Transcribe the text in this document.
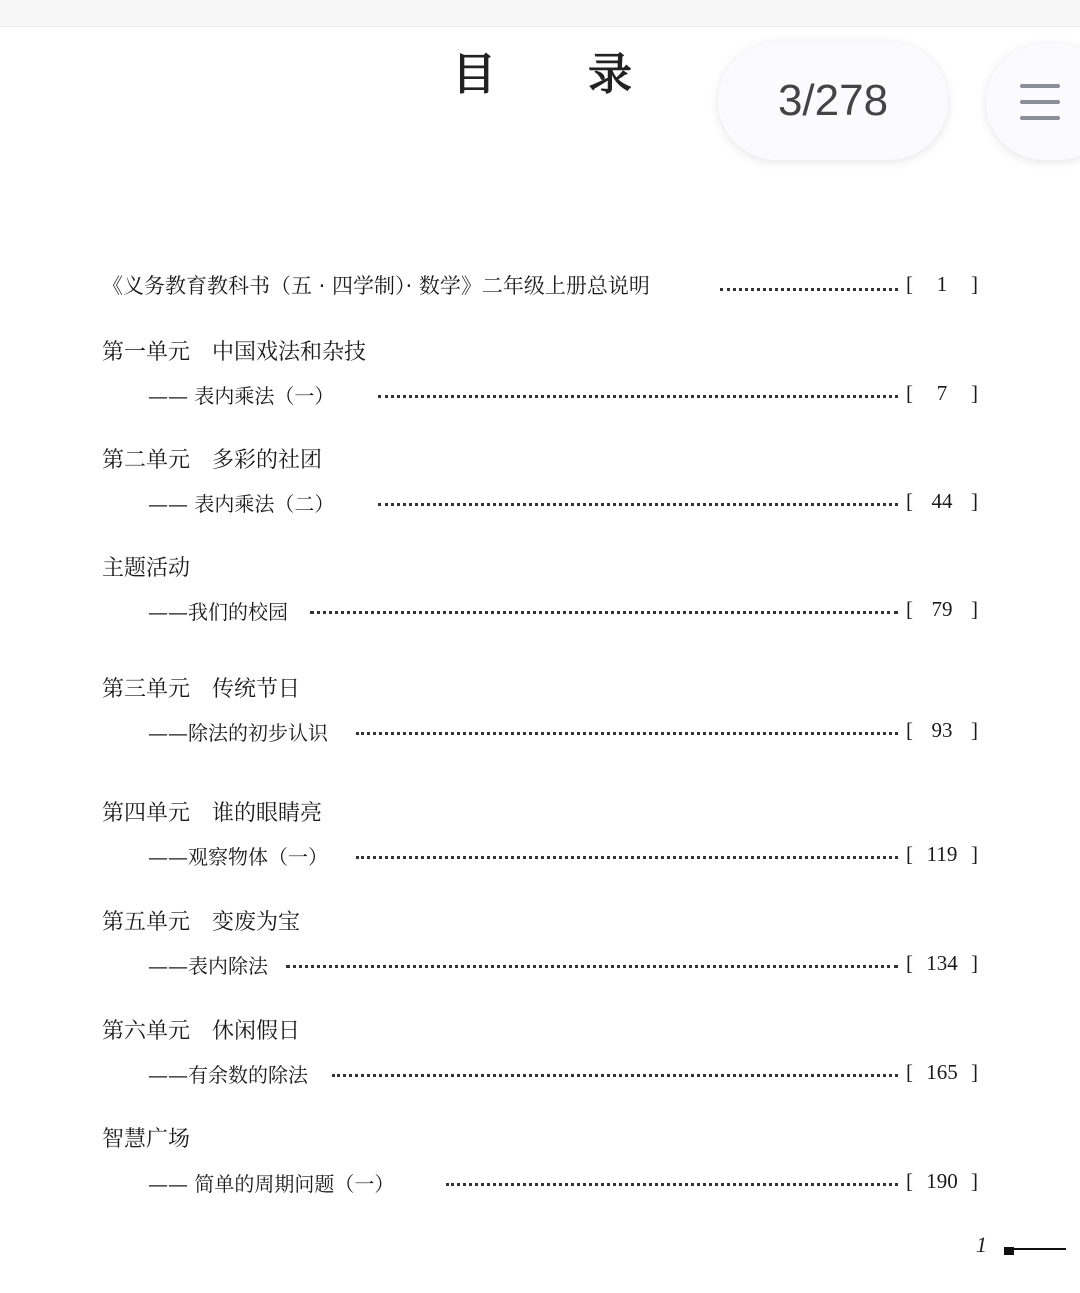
目 录
3/278
《义务教育教科书（五 · 四学制）· 数学》二年级上册总说明	[ 1 ]
第一单元 中国戏法和杂技
—— 表内乘法（一）	[ 7 ]
第二单元 多彩的社团
—— 表内乘法（二）	[ 44 ]
主题活动
——我们的校园	[ 79 ]
第三单元 传统节日
——除法的初步认识	[ 93 ]
第四单元 谁的眼睛亮
——观察物体（一）	[ 119 ]
第五单元 变废为宝
——表内除法	[ 134 ]
第六单元 休闲假日
——有余数的除法	[ 165 ]
智慧广场
—— 简单的周期问题（一）	[ 190 ]
1
